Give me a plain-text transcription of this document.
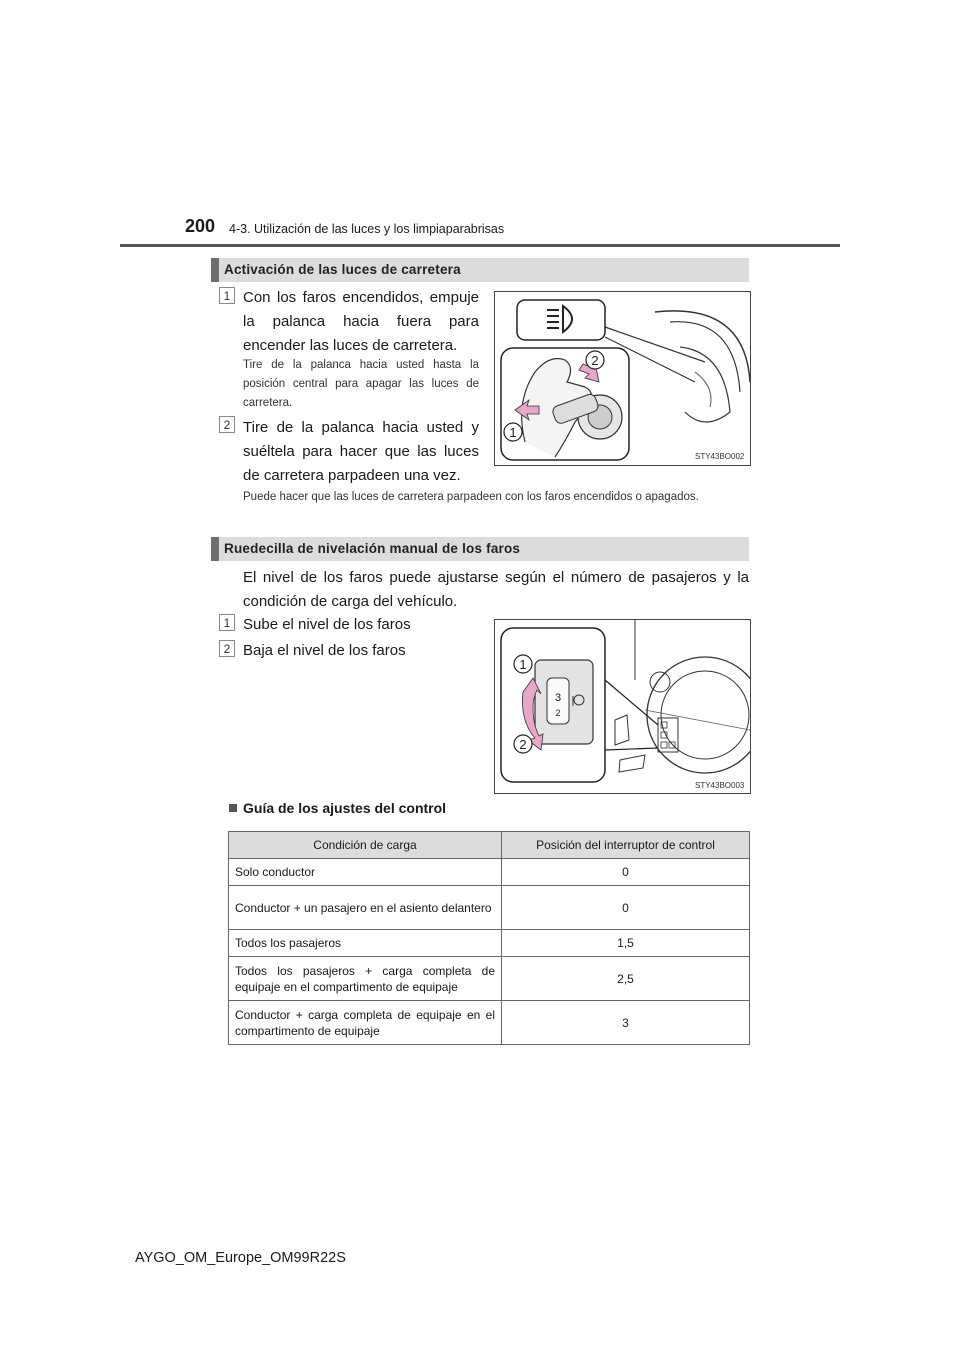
200 4-3. Utilización de las luces y los limpiaparabrisas
Activación de las luces de carretera
1 Con los faros encendidos, empuje la palanca hacia fuera para encender las luces de carretera.
Tire de la palanca hacia usted hasta la posición central para apagar las luces de carretera.
2 Tire de la palanca hacia usted y suéltela para hacer que las luces de carretera parpadeen una vez.
2
1
STY43BO002
Puede hacer que las luces de carretera parpadeen con los faros encendidos o apagados.
Ruedecilla de nivelación manual de los faros
El nivel de los faros puede ajustarse según el número de pasajeros y la condición de carga del vehículo.
1 Sube el nivel de los faros
2 Baja el nivel de los faros
3
2
1
2
STY43BO003
Guía de los ajustes del control
Condición de carga	Posición del interruptor de control
Solo conductor	0
Conductor + un pasajero en el asiento delantero	0
Todos los pasajeros	1,5
Todos los pasajeros + carga completa de equipaje en el compartimento de equipaje	2,5
Conductor + carga completa de equipaje en el compartimento de equipaje	3
AYGO_OM_Europe_OM99R22S
